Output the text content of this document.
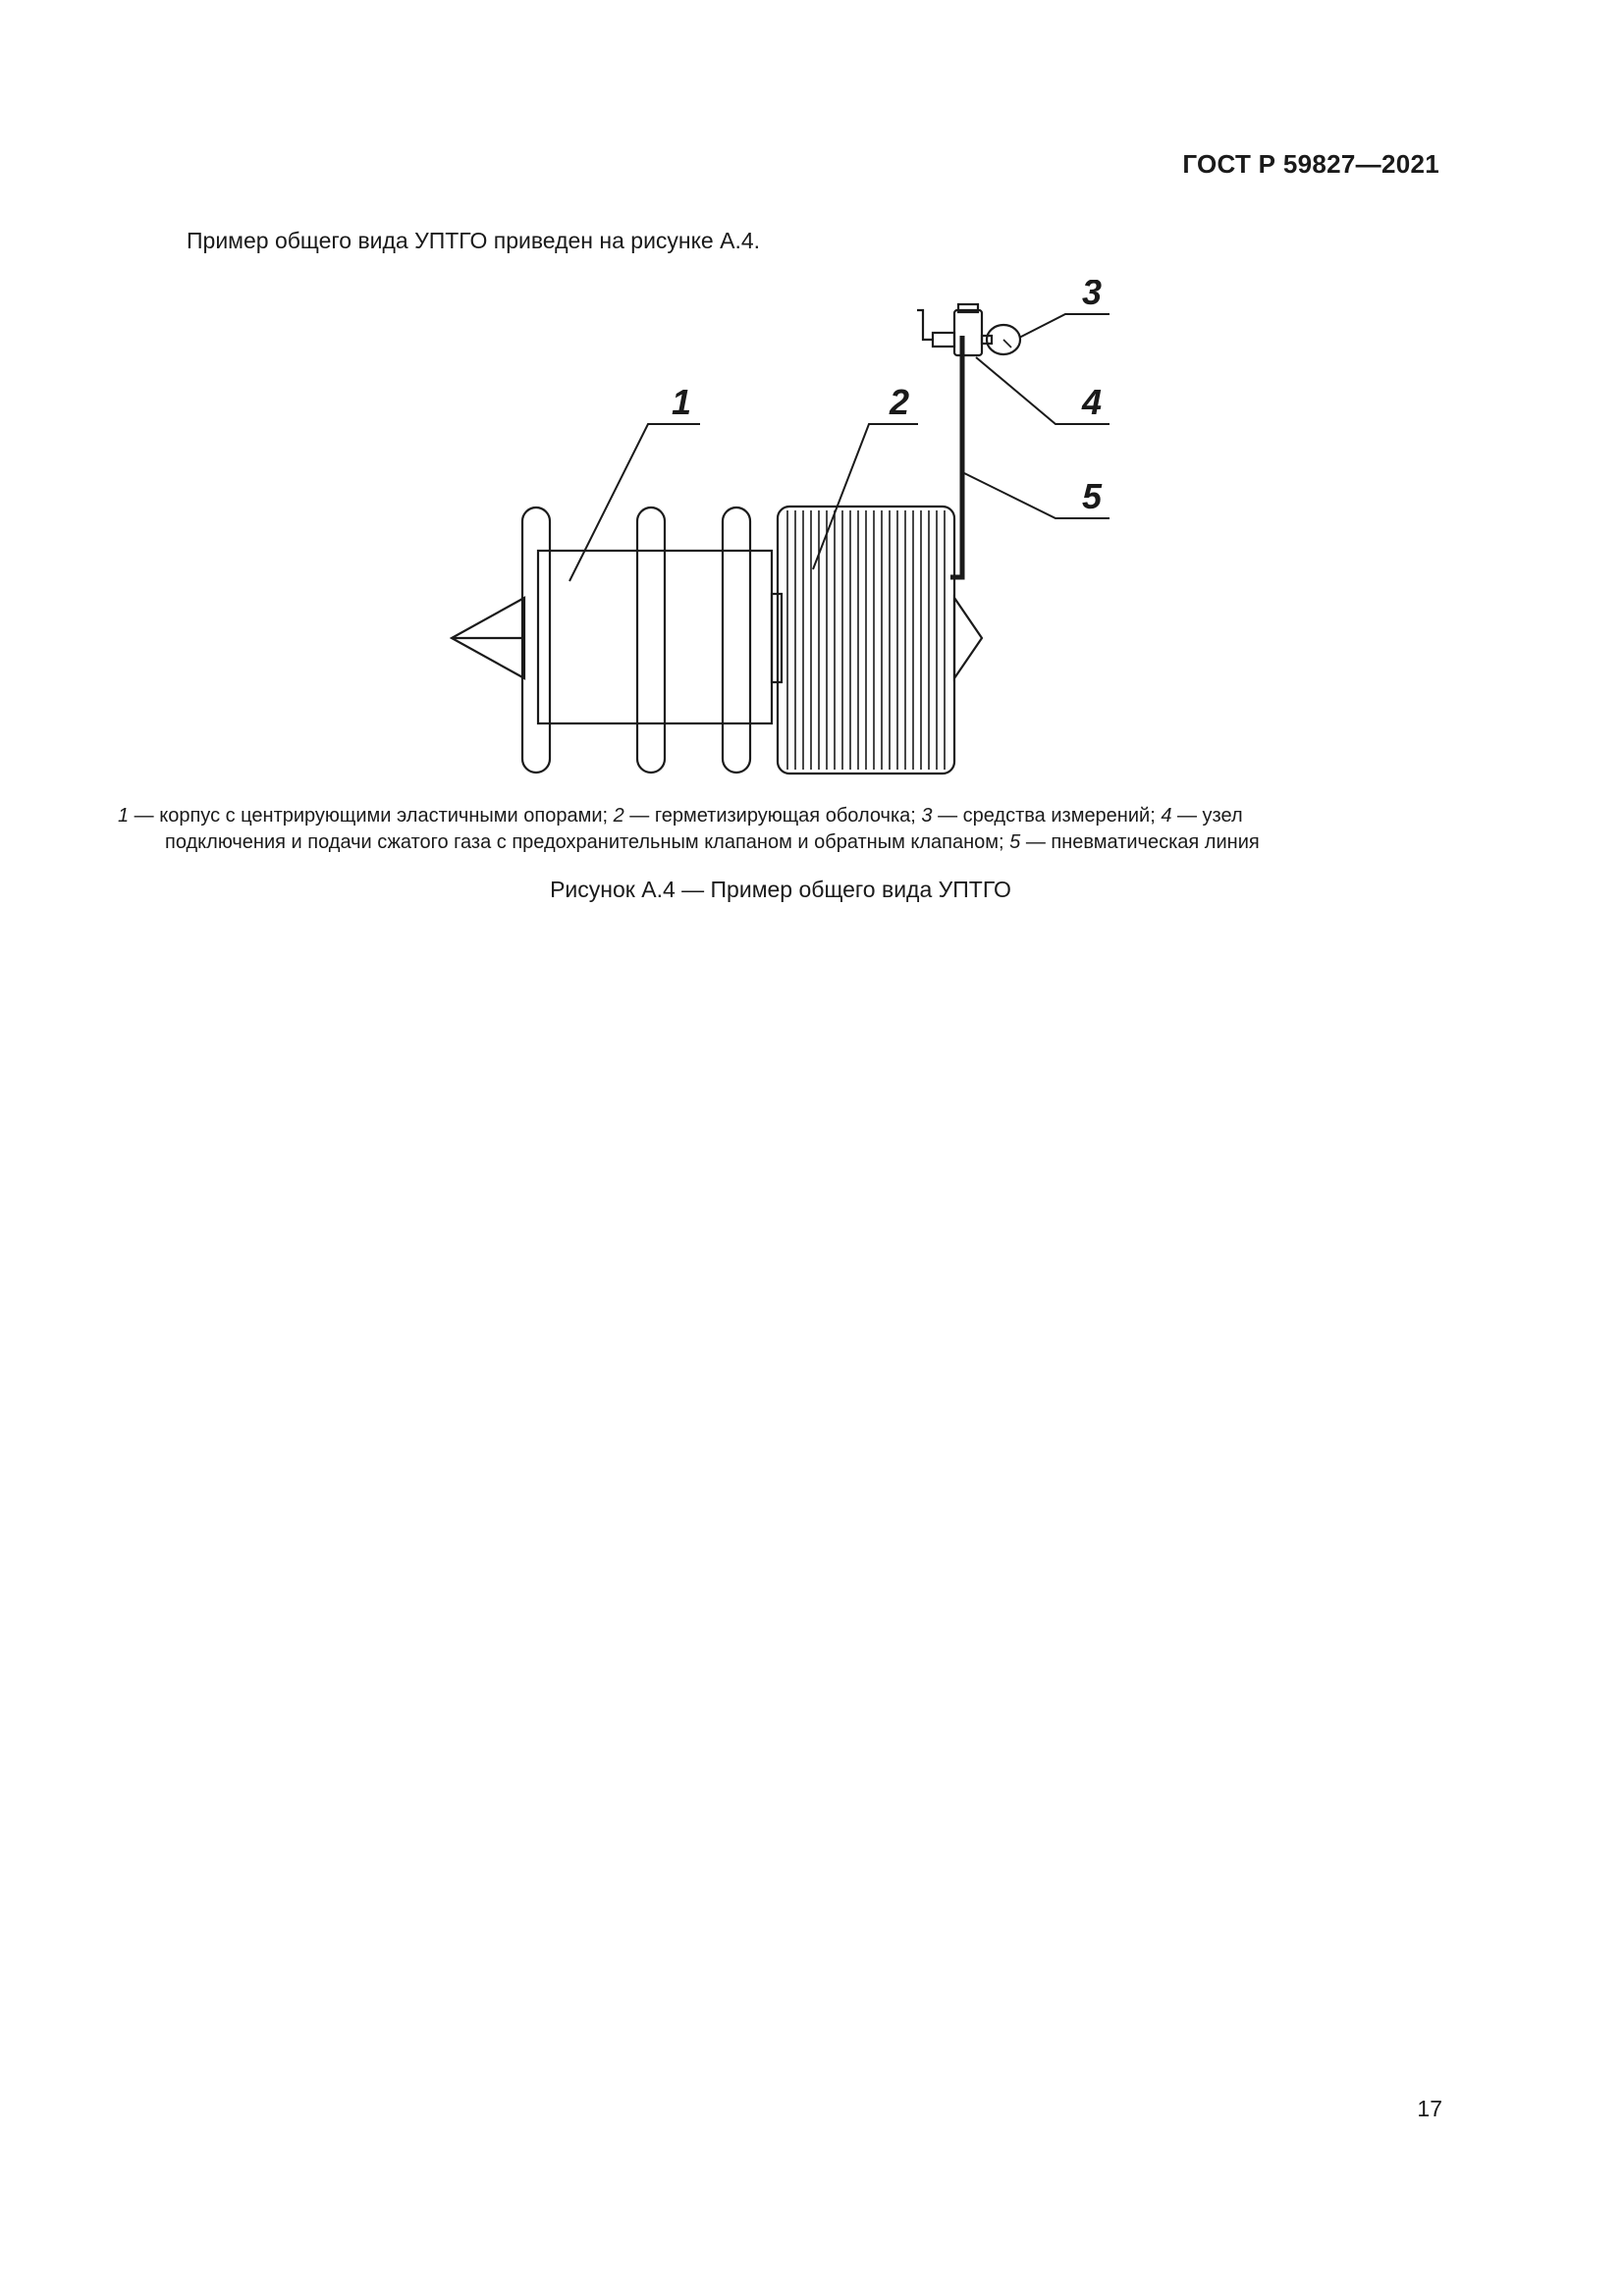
ГОСТ Р 59827—2021

Пример общего вида УПТГО приведен на рисунке А.4.

1	2
3
4
5

1 — корпус с центрирующими эластичными опорами; 2 — герметизирующая оболочка; 3 — средства измерений; 4 — узел
подключения и подачи сжатого газа с предохранительным клапаном и обратным клапаном; 5 — пневматическая линия

Рисунок А.4 — Пример общего вида УПТГО

17
